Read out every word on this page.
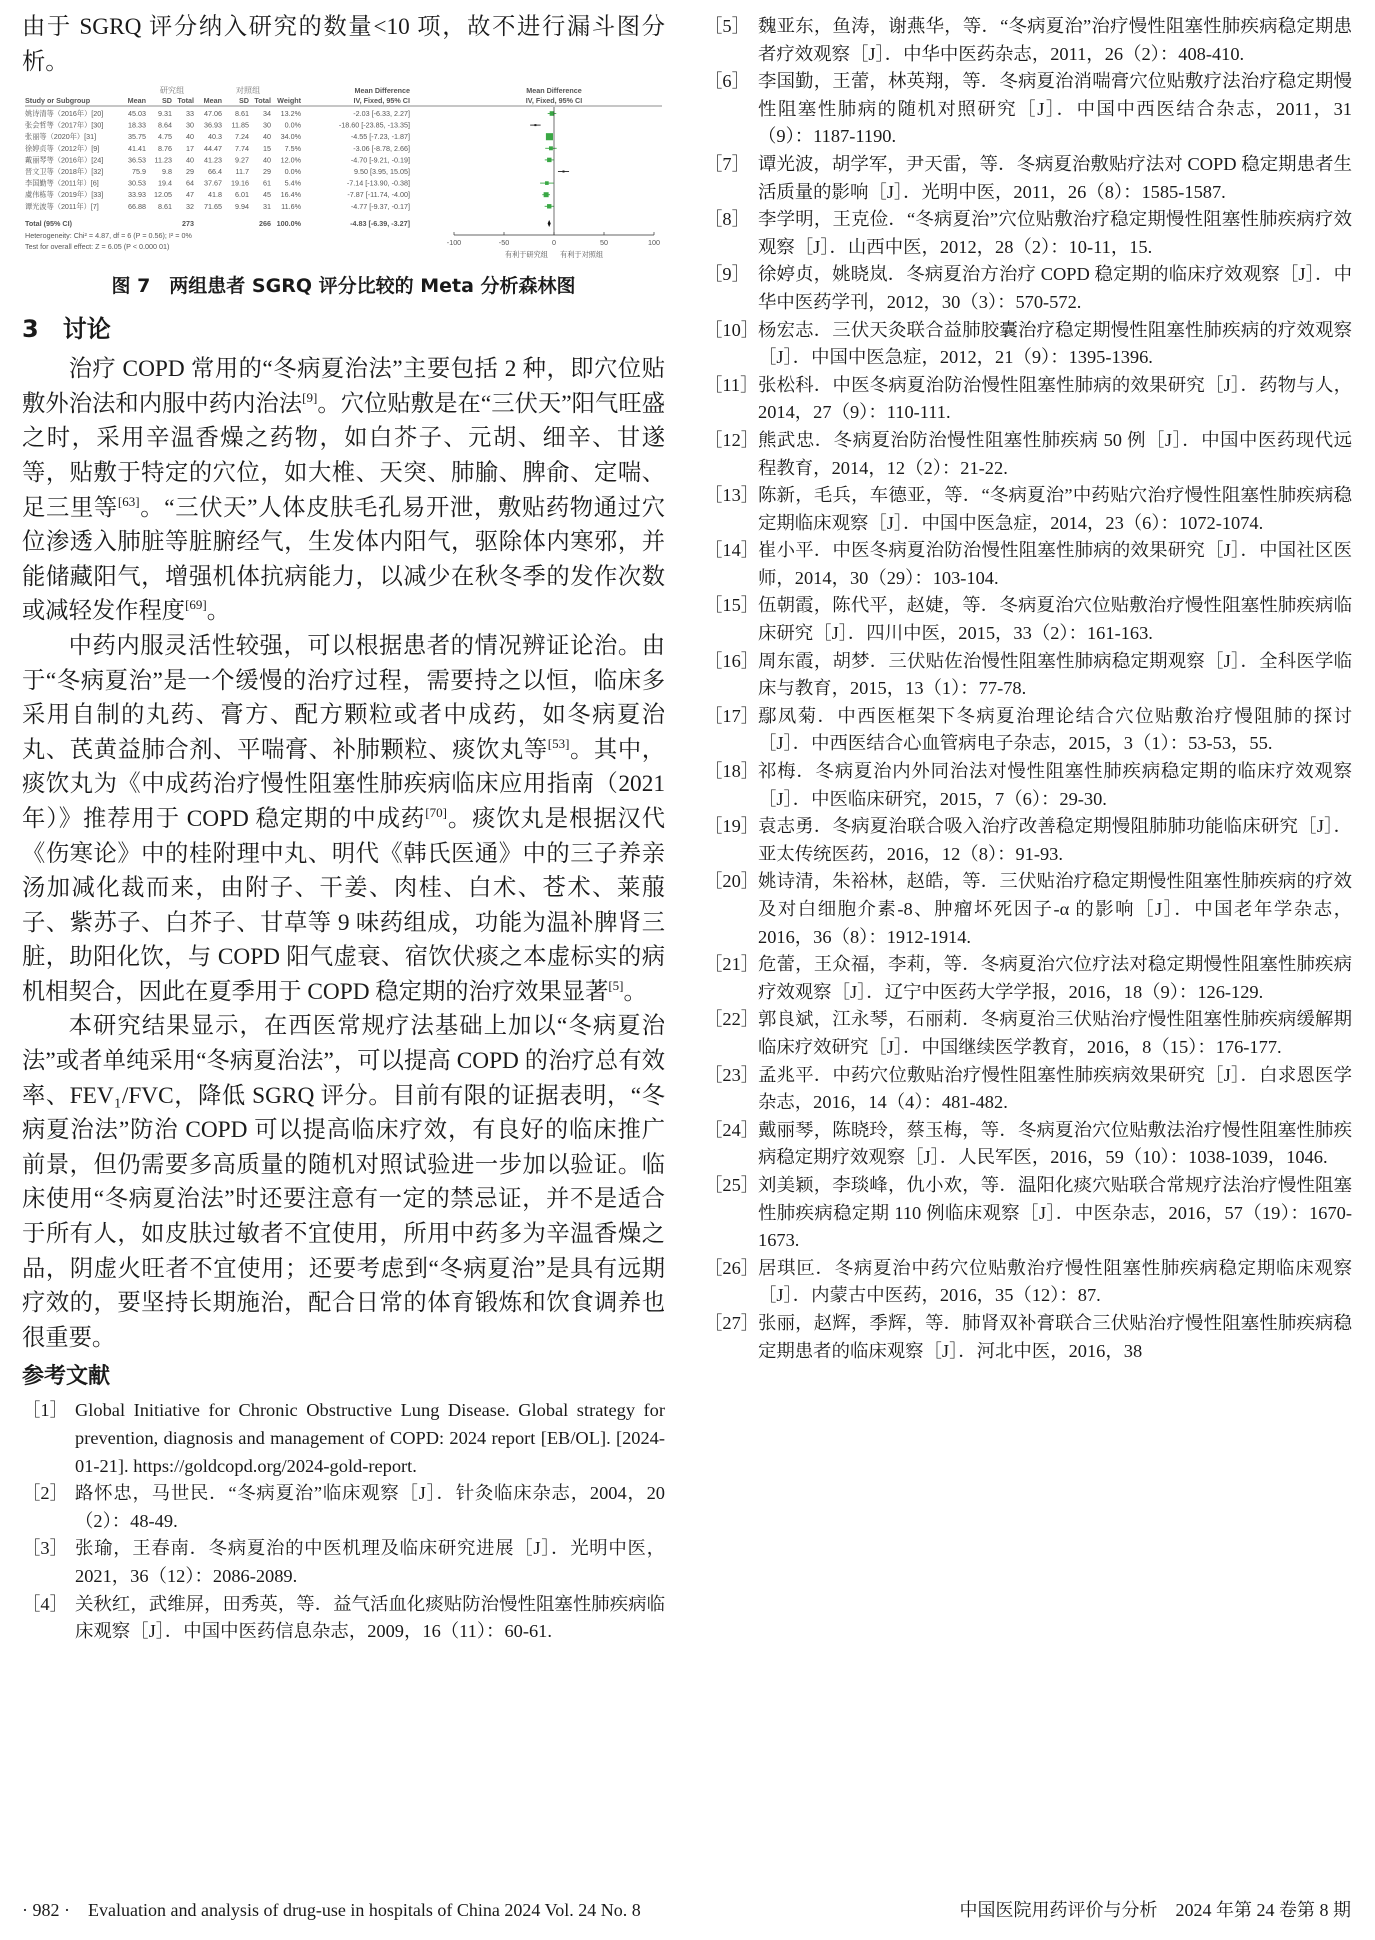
由于 SGRQ 评分纳入研究的数量<10 项，故不进行漏斗图分析。

研究组	对照组	Mean Difference
IV, Fixed, 95% CI
Mean Difference
IV, Fixed, 95% CI
Study or Subgroup	Mean SD Total Mean SD Total Weight
姚诗清等（2016年）[20]	45.03 9.31 33 47.06 8.61 34 13.2%	-2.03 [-6.33, 2.27]
张会哲等（2017年）[30]	18.33 8.64 30 36.93 11.85 30 0.0%	-18.60 [-23.85, -13.35]
张丽等（2020年）[31]	35.75 4.75 40 40.3 7.24 40 34.0%	-4.55 [-7.23, -1.87]
徐婷贞等（2012年）[9]	41.41 8.76 17 44.47 7.74 15 7.5%	-3.06 [-8.78, 2.66]
戴丽琴等（2016年）[24]	36.53 11.23 40 41.23 9.27 40 12.0%	-4.70 [-9.21, -0.19]
晋文卫等（2018年）[32]	75.9 9.8 29 66.4 11.7 29 0.0%	9.50 [3.95, 15.05]
李国勤等（2011年）[6]	30.53 19.4 64 37.67 19.16 61 5.4%	-7.14 [-13.90, -0.38]
虞伟栋等（2019年）[33]	33.93 12.05 47 41.8 6.01 45 16.4%	-7.87 [-11.74, -4.00]
谭光波等（2011年）[7]	66.88 8.61 32 71.65 9.94 31 11.6%	-4.77 [-9.37, -0.17]
Total (95% CI)	273	266 100.0%	-4.83 [-6.39, -3.27]
Heterogeneity: Chi² = 4.87, df = 6 (P = 0.56); I² = 0%
Test for overall effect: Z = 6.05 (P < 0.000 01)	-100	-50	0	50	100
有利于研究组 有利于对照组
图 7　两组患者 SGRQ 评分比较的 Meta 分析森林图
3　讨论

治疗 COPD 常用的“冬病夏治法”主要包括 2 种，即穴位贴敷外治法和内服中药内治法[9]。穴位贴敷是在“三伏天”阳气旺盛之时，采用辛温香燥之药物，如白芥子、元胡、细辛、甘遂等，贴敷于特定的穴位，如大椎、天突、肺腧、脾俞、定喘、足三里等[63]。“三伏天”人体皮肤毛孔易开泄，敷贴药物通过穴位渗透入肺脏等脏腑经气，生发体内阳气，驱除体内寒邪，并能储藏阳气，增强机体抗病能力，以减少在秋冬季的发作次数或减轻发作程度[69]。

中药内服灵活性较强，可以根据患者的情况辨证论治。由于“冬病夏治”是一个缓慢的治疗过程，需要持之以恒，临床多采用自制的丸药、膏方、配方颗粒或者中成药，如冬病夏治丸、芪黄益肺合剂、平喘膏、补肺颗粒、痰饮丸等[53]。其中，痰饮丸为《中成药治疗慢性阻塞性肺疾病临床应用指南（2021 年）》推荐用于 COPD 稳定期的中成药[70]。痰饮丸是根据汉代《伤寒论》中的桂附理中丸、明代《韩氏医通》中的三子养亲汤加减化裁而来，由附子、干姜、肉桂、白术、苍术、莱菔子、紫苏子、白芥子、甘草等 9 味药组成，功能为温补脾肾三脏，助阳化饮，与 COPD 阳气虚衰、宿饮伏痰之本虚标实的病机相契合，因此在夏季用于 COPD 稳定期的治疗效果显著[5]。

本研究结果显示，在西医常规疗法基础上加以“冬病夏治法”或者单纯采用“冬病夏治法”，可以提高 COPD 的治疗总有效率、FEV₁/FVC，降低 SGRQ 评分。目前有限的证据表明，“冬病夏治法”防治 COPD 可以提高临床疗效，有良好的临床推广前景，但仍需要多高质量的随机对照试验进一步加以验证。临床使用“冬病夏治法”时还要注意有一定的禁忌证，并不是适合于所有人，如皮肤过敏者不宜使用，所用中药多为辛温香燥之品，阴虚火旺者不宜使用；还要考虑到“冬病夏治”是具有远期疗效的，要坚持长期施治，配合日常的体育锻炼和饮食调养也很重要。

参考文献
［1］ Global Initiative for Chronic Obstructive Lung Disease. Global strategy for prevention, diagnosis and management of COPD: 2024 report [EB/OL]. [2024-01-21]. https://goldcopd.org/2024-gold-report.
［2］ 路怀忠，马世民．“冬病夏治”临床观察［J］．针灸临床杂志，2004，20（2）：48-49.
［3］ 张瑜，王春南．冬病夏治的中医机理及临床研究进展［J］．光明中医，2021，36（12）：2086-2089.
［4］ 关秋红，武维屏，田秀英，等．益气活血化痰贴防治慢性阻塞性肺疾病临床观察［J］．中国中医药信息杂志，2009，16（11）：60-61.
［5］ 魏亚东，鱼涛，谢燕华，等．“冬病夏治”治疗慢性阻塞性肺疾病稳定期患者疗效观察［J］．中华中医药杂志，2011，26（2）：408-410.
［6］ 李国勤，王蕾，林英翔，等．冬病夏治消喘膏穴位贴敷疗法治疗稳定期慢性阻塞性肺病的随机对照研究［J］．中国中西医结合杂志，2011，31（9）：1187-1190.
［7］ 谭光波，胡学军，尹天雷，等．冬病夏治敷贴疗法对 COPD 稳定期患者生活质量的影响［J］．光明中医，2011，26（8）：1585-1587.
［8］ 李学明，王克俭．“冬病夏治”穴位贴敷治疗稳定期慢性阻塞性肺疾病疗效观察［J］．山西中医，2012，28（2）：10-11，15.
［9］ 徐婷贞，姚晓岚．冬病夏治方治疗 COPD 稳定期的临床疗效观察［J］．中华中医药学刊，2012，30（3）：570-572.
［10］
杨宏志．三伏天灸联合益肺胶囊治疗稳定期慢性阻塞性肺疾病的疗效观察［J］．中国中医急症，2012，21（9）：1395-1396.
［11］ 张松科．中医冬病夏治防治慢性阻塞性肺病的效果研究［J］．药物与人，2014，27（9）：110-111.
［12］
熊武忠．冬病夏治防治慢性阻塞性肺疾病 50 例［J］．中国中医药现代远程教育，2014，12（2）：21-22.
［13］
陈新，毛兵，车德亚，等．“冬病夏治”中药贴穴治疗慢性阻塞性肺疾病稳定期临床观察［J］．中国中医急症，2014，23（6）：1072-1074.
［14］
崔小平．中医冬病夏治防治慢性阻塞性肺病的效果研究［J］．中国社区医师，2014，30（29）：103-104.
［15］
伍朝霞，陈代平，赵婕，等．冬病夏治穴位贴敷治疗慢性阻塞性肺疾病临床研究［J］．四川中医，2015，33（2）：161-163.
［16］
周东霞，胡梦．三伏贴佐治慢性阻塞性肺病稳定期观察［J］．全科医学临床与教育，2015，13（1）：77-78.
［17］
鄢凤菊．中西医框架下冬病夏治理论结合穴位贴敷治疗慢阻肺的探讨［J］．中西医结合心血管病电子杂志，2015，3（1）：53-53，55.
［18］
祁梅．冬病夏治内外同治法对慢性阻塞性肺疾病稳定期的临床疗效观察［J］．中医临床研究，2015，7（6）：29-30.
［19］
袁志勇．冬病夏治联合吸入治疗改善稳定期慢阻肺肺功能临床研究［J］．亚太传统医药，2016，12（8）：91-93.
［20］
姚诗清，朱裕林，赵皓，等．三伏贴治疗稳定期慢性阻塞性肺疾病的疗效及对白细胞介素-8、肿瘤坏死因子-α 的影响［J］．中国老年学杂志，2016，36（8）：1912-1914.
［21］
危蕾，王众福，李莉，等．冬病夏治穴位疗法对稳定期慢性阻塞性肺疾病疗效观察［J］．辽宁中医药大学学报，2016，18（9）：126-129.
［22］
郭良斌，江永琴，石丽莉．冬病夏治三伏贴治疗慢性阻塞性肺疾病缓解期临床疗效研究［J］．中国继续医学教育，2016，8（15）：176-177.
［23］
孟兆平．中药穴位敷贴治疗慢性阻塞性肺疾病效果研究［J］．白求恩医学杂志，2016，14（4）：481-482.
［24］
戴丽琴，陈晓玲，蔡玉梅，等．冬病夏治穴位贴敷法治疗慢性阻塞性肺疾病稳定期疗效观察［J］．人民军医，2016，59（10）：1038-1039，1046.
［25］
刘美颖，李琰峰，仇小欢，等．温阳化痰穴贴联合常规疗法治疗慢性阻塞性肺疾病稳定期 110 例临床观察［J］．中医杂志，2016，57（19）：1670-1673.
［26］
居琪叵．冬病夏治中药穴位贴敷治疗慢性阻塞性肺疾病稳定期临床观察［J］．内蒙古中医药，2016，35（12）：87.
［27］
张丽，赵辉，季辉，等．肺肾双补膏联合三伏贴治疗慢性阻塞性肺疾病稳定期患者的临床观察［J］．河北中医，2016，38
· 982 ·　Evaluation and analysis of drug-use in hospitals of China 2024 Vol. 24 No. 8	中国医院用药评价与分析　2024 年第 24 卷第 8 期
